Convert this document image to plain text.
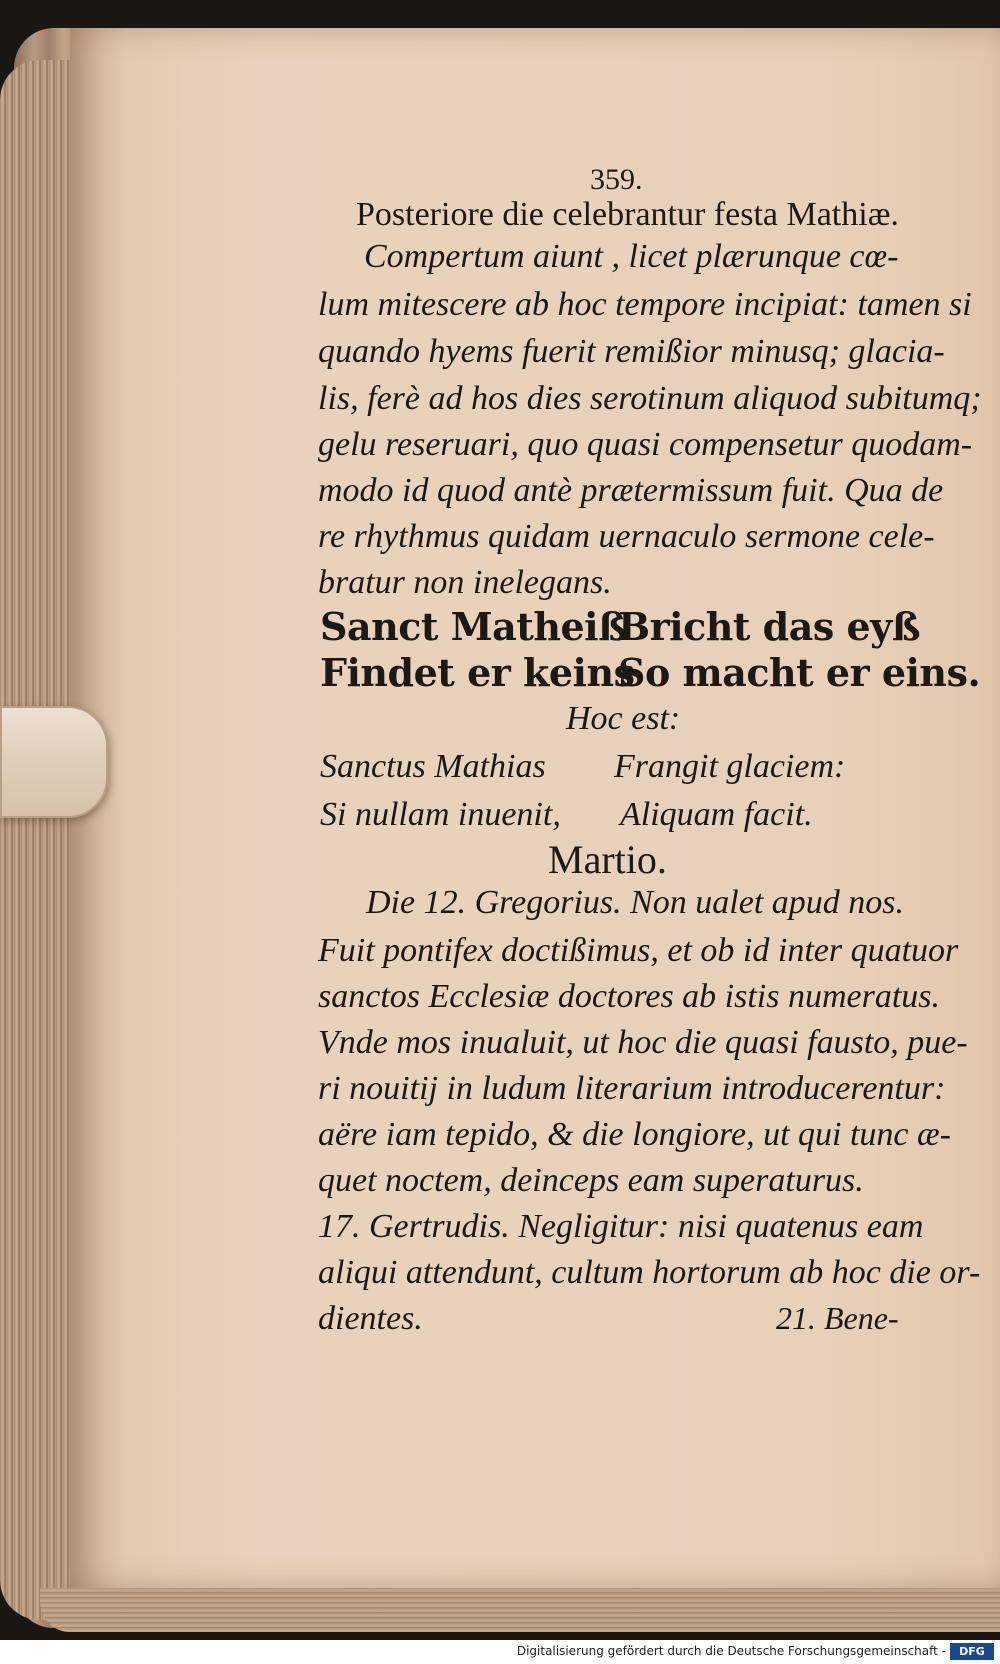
359.
Posteriore die celebrantur festa Mathiæ.
Compertum aiunt , licet plærunque cœ-
lum mitescere ab hoc tempore incipiat: tamen si
quando hyems fuerit remißior minusq; glacia-
lis, ferè ad hos dies serotinum aliquod subitumq;
gelu reseruari, quo quasi compensetur quodam-
modo id quod antè prætermissum fuit. Qua de
re rhythmus quidam uernaculo sermone cele-
bratur non inelegans.
Sanct Matheiß
Bricht das eyß
Findet er keins
So macht er eins.
Hoc est:
Sanctus Mathias Frangit glaciem:
Si nullam inuenit, Aliquam facit.
Martio.
Die 12. Gregorius. Non ualet apud nos.
Fuit pontifex doctißimus, et ob id inter quatuor
sanctos Ecclesiæ doctores ab istis numeratus.
Vnde mos inualuit, ut hoc die quasi fausto, pue-
ri nouitij in ludum literarium introducerentur:
aëre iam tepido, & die longiore, ut qui tunc æ-
quet noctem, deinceps eam superaturus.
17. Gertrudis. Negligitur: nisi quatenus eam
aliqui attendunt, cultum hortorum ab hoc die or-
dientes.	21. Bene-
Digitalisierung gefördert durch die Deutsche Forschungsgemeinschaft -	DFG
